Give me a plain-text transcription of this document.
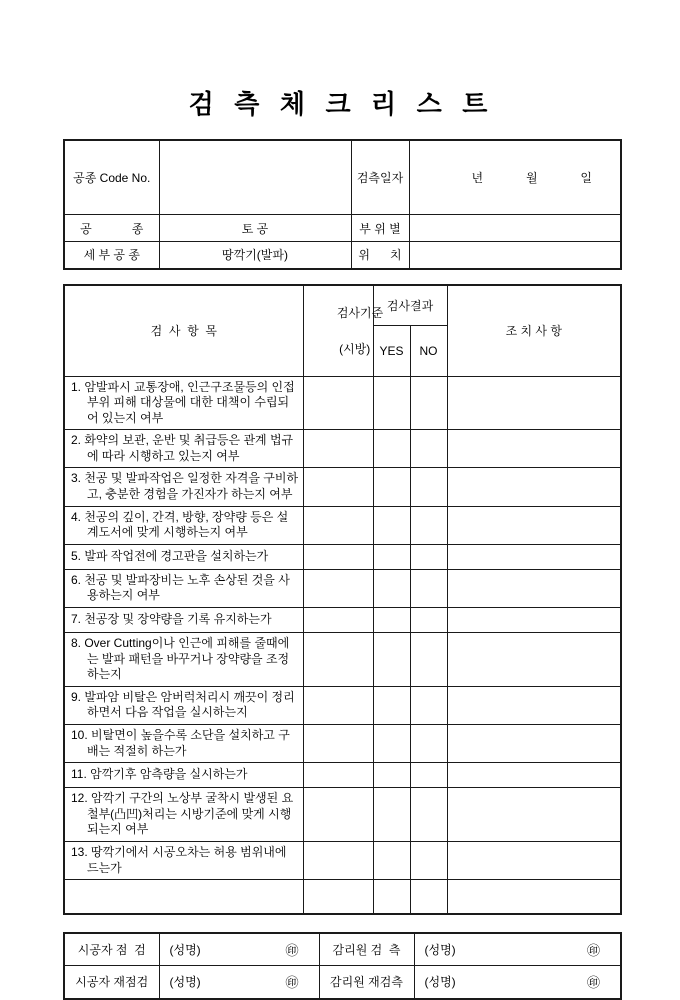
검 측 체 크 리 스 트
공종 Code No.		검측일자	년 월 일

공            종	토 공	부 위 별	
세 부 공 종	땅깍기(발파)	위      치	
검  사  항  목	검사기준

(시방)	검사결과		조 치 사 항
		YES	NO	
1. 암발파시 교통장애, 인근구조물등의 인접부위 피해 대상물에 대한 대책이 수립되어 있는지 여부				
2. 화약의 보관, 운반 및 취급등은 관계 법규에 따라 시행하고 있는지 여부				
3. 천공 및 발파작업은 일정한 자격을 구비하고, 충분한 경험을 가진자가 하는지 여부				
4. 천공의 깊이, 간격, 방향, 장약량 등은 설계도서에 맞게 시행하는지 여부				
5. 발파 작업전에 경고판을 설치하는가				
6. 천공 및 발파장비는 노후 손상된 것을 사용하는지 여부				
7. 천공장 및 장약량을 기록 유지하는가				
8. Over Cutting이나 인근에 피해를 줄때에는 발파 패턴을 바꾸거나 장약량을 조정하는지				
9. 발파암 비탈은 암버럭처리시 깨끗이 정리하면서 다음 작업을 실시하는지				
10. 비탈면이 높을수록 소단을 설치하고 구배는 적절히 하는가				
11. 암깍기후 암측량을 실시하는가				
12. 암깍기 구간의 노상부 굴착시 발생된 요철부(凸凹)처리는 시방기준에 맞게 시행되는지 여부				
13. 땅깍기에서 시공오차는 허용 범위내에 드는가				

시공자 점  검	(성명) ㊞	감리원 검  측	(성명) ㊞

시공자 재점검	(성명) ㊞	감리원 재검측	(성명) ㊞
